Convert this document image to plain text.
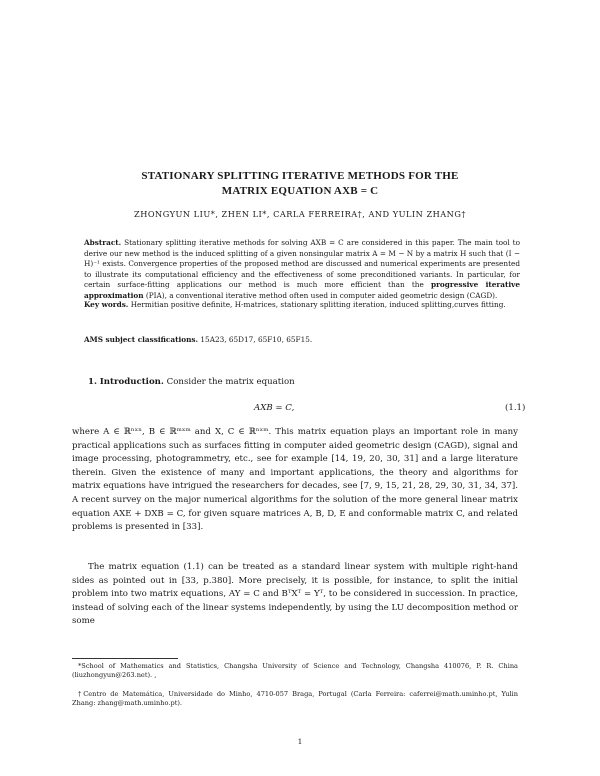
STATIONARY SPLITTING ITERATIVE METHODS FOR THE
MATRIX EQUATION AXB = C
ZHONGYUN LIU*, ZHEN LI*, CARLA FERREIRA†, AND YULIN ZHANG†
Abstract. Stationary splitting iterative methods for solving AXB = C are considered in this paper. The main tool to derive our new method is the induced splitting of a given nonsingular matrix A = M − N by a matrix H such that (I − H)⁻¹ exists. Convergence properties of the proposed method are discussed and numerical experiments are presented to illustrate its computational efficiency and the effectiveness of some preconditioned variants. In particular, for certain surface-fitting applications our method is much more efficient than the progressive iterative approximation (PIA), a conventional iterative method often used in computer aided geometric design (CAGD).
Key words. Hermitian positive definite, H-matrices, stationary splitting iteration, induced splitting,curves fitting.
AMS subject classifications. 15A23, 65D17, 65F10, 65F15.
1. Introduction. Consider the matrix equation
AXB = C,	(1.1)
where A ∈ ℝⁿˣⁿ, B ∈ ℝᵐˣᵐ and X, C ∈ ℝⁿˣᵐ. This matrix equation plays an important role in many practical applications such as surfaces fitting in computer aided geometric design (CAGD), signal and image processing, photogrammetry, etc., see for example [14, 19, 20, 30, 31] and a large literature therein. Given the existence of many and important applications, the theory and algorithms for matrix equations have intrigued the researchers for decades, see [7, 9, 15, 21, 28, 29, 30, 31, 34, 37]. A recent survey on the major numerical algorithms for the solution of the more general linear matrix equation AXE + DXB = C, for given square matrices A, B, D, E and conformable matrix C, and related problems is presented in [33].
The matrix equation (1.1) can be treated as a standard linear system with multiple right-hand sides as pointed out in [33, p.380]. More precisely, it is possible, for instance, to split the initial problem into two matrix equations, AY = C and BᵀXᵀ = Yᵀ, to be considered in succession. In practice, instead of solving each of the linear systems independently, by using the LU decomposition method or some
*School of Mathematics and Statistics, Changsha University of Science and Technology, Changsha 410076, P. R. China (liuzhongyun@263.net). ,
†Centro de Matemática, Universidade do Minho, 4710-057 Braga, Portugal (Carla Ferreira: caferrei@math.uminho.pt, Yulin Zhang: zhang@math.uminho.pt).
1
